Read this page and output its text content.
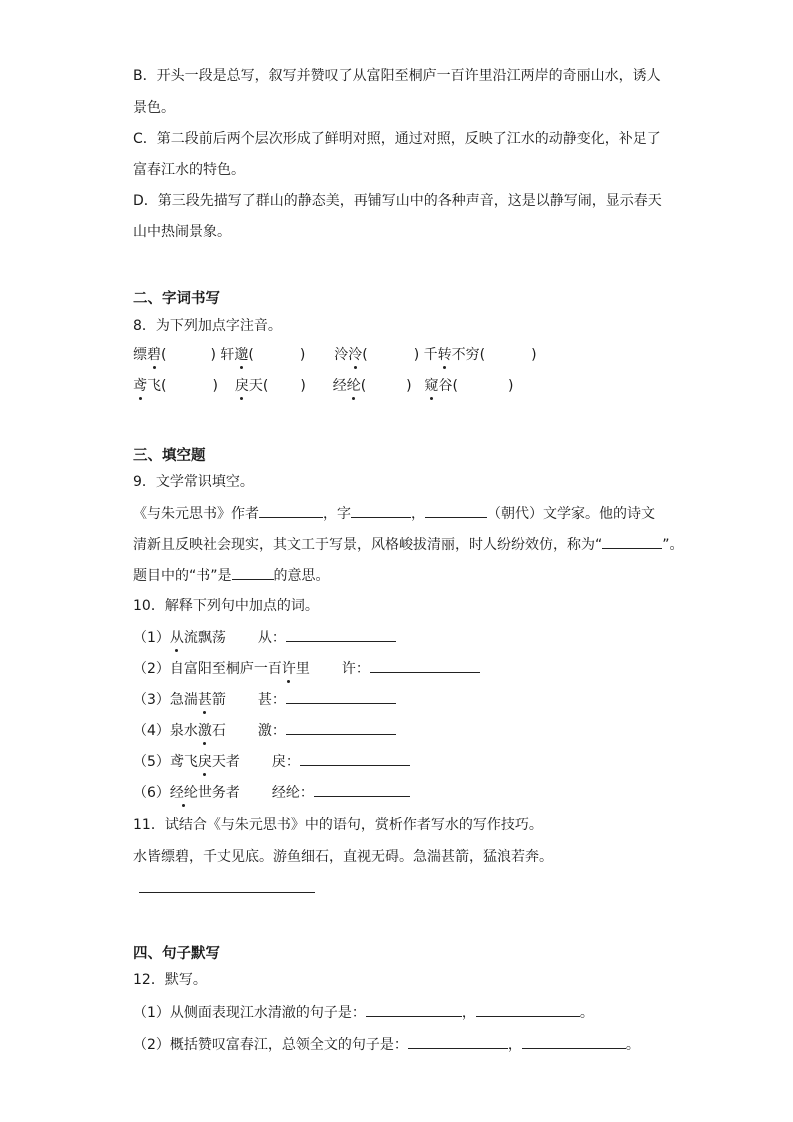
B．开头一段是总写，叙写并赞叹了从富阳至桐庐一百许里沿江两岸的奇丽山水，诱人
景色。
C．第二段前后两个层次形成了鲜明对照，通过对照，反映了江水的动静变化，补足了
富春江水的特色。
D．第三段先描写了群山的静态美，再铺写山中的各种声音，这是以静写闹，显示春天
山中热闹景象。
二、字词书写
8．为下列加点字注音。
缥碧(	) 轩邈(	) 泠泠(	) 千转不穷(	)
鸢飞(	) 戾天( ) 经纶(	) 窥谷(	)
三、填空题
9．文学常识填空。
《与朱元思书》作者	，字	，	（朝代）文学家。他的诗文
清新且反映社会现实，其文工于写景，风格峻拔清丽，时人纷纷效仿，称为“	”。
题目中的“书”是	的意思。
10．解释下列句中加点的词。
（1）从流飘荡 从：
（2）自富阳至桐庐一百许里 许：
（3）急湍甚箭 甚：
（4）泉水激石 激：
（5）鸢飞戾天者 戾：
（6）经纶世务者 经纶：
11．试结合《与朱元思书》中的语句，赏析作者写水的写作技巧。
水皆缥碧，千丈见底。游鱼细石，直视无碍。急湍甚箭，猛浪若奔。
四、句子默写
12．默写。
（1）从侧面表现江水清澈的句子是：	，	。
（2）概括赞叹富春江，总领全文的句子是：	，	。
